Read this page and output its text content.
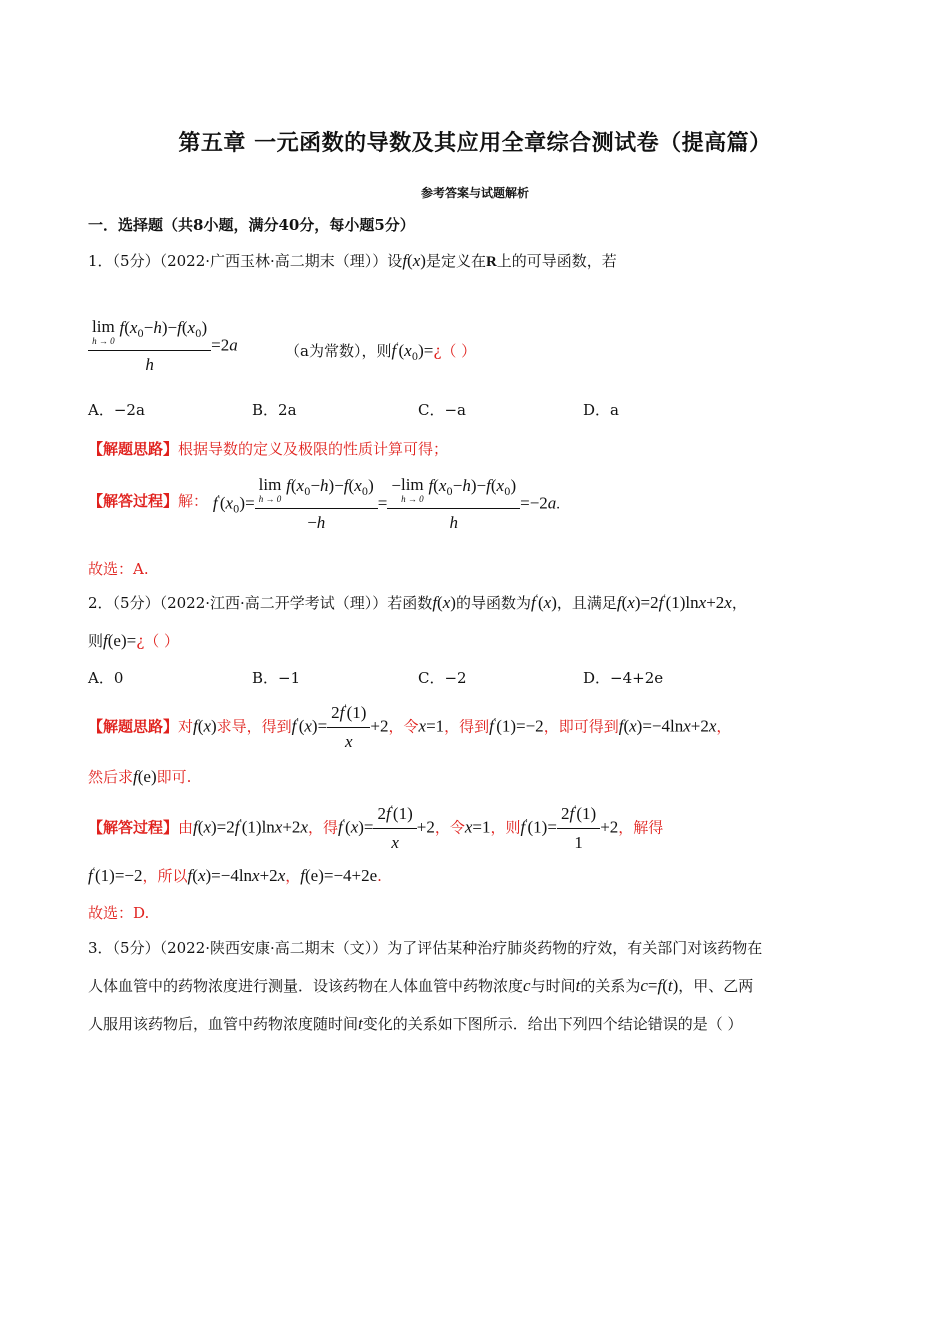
第五章 一元函数的导数及其应用全章综合测试卷（提高篇）
参考答案与试题解析
一．选择题（共8小题，满分40分，每小题5分）
1．（5分）（2022·广西玉林·高二期末（理））设f(x)是定义在R上的可导函数，若
lim
h → 0
$f(x_0-h)-f(x_0)$
h =2a	（a为常数），则$f'(x_0)=¿$（ ）
A．−2a	B．2a	C．−a	D．a
【解题思路】根据导数的定义及极限的性质计算可得；
【解答过程】解： $f'(x_0)= \lim$
h → 0
$f(x_0-h)-f(x_0)$
−h = −lim
h → 0
$f(x_0-h)-f(x_0)$
h =−2a.
故选：A.
2．（5分）（2022·江西·高二开学考试（理））若函数f(x)的导函数为f′(x)，且满足f(x)=2f′(1)lnx+2x，
则f(e)=¿（ ）
A．0	B．−1	C．−2	D．−4+2e
【解题思路】对f(x)求导，得到$f'(x)= \frac{2f'(1)}{x} +2$，令x=1，得到f′(1)=−2，即可得到f(x)=−4lnx+2x，
然后求f(e)即可.
【解答过程】由f(x)=2f′(1)lnx+2x，得$f'(x)= \frac{2f'(1)}{x} +2$，令x=1，则$f'(1)= \frac{2f'(1)}{1} +2$，解得
f′(1)=−2，所以f(x)=−4lnx+2x，f(e)=−4+2e.
故选：D.
3．（5分）（2022·陕西安康·高二期末（文））为了评估某种治疗肺炎药物的疗效，有关部门对该药物在
人体血管中的药物浓度进行测量．设该药物在人体血管中药物浓度c与时间t的关系为c=f(t)，甲、乙两
人服用该药物后，血管中药物浓度随时间t变化的关系如下图所示．给出下列四个结论错误的是（ ）
